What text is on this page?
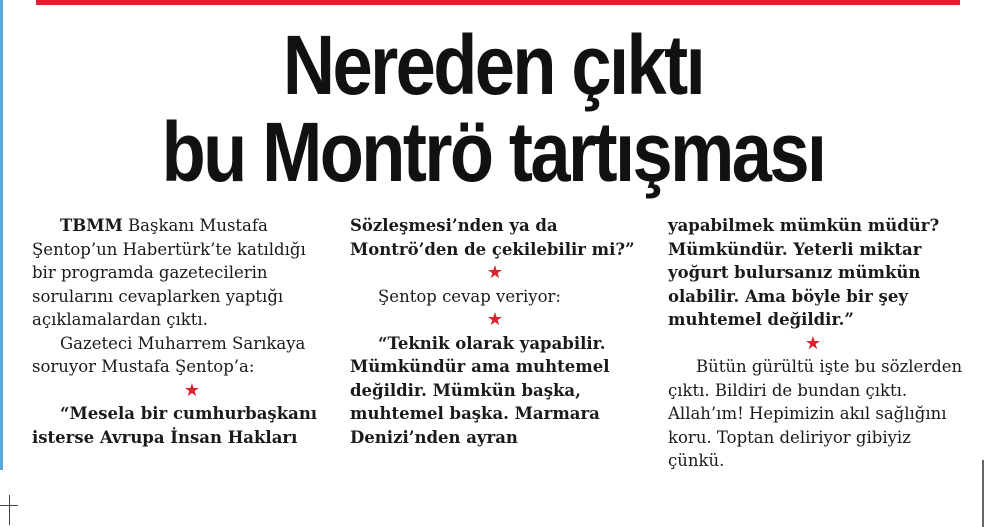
Nereden çıktı
bu Montrö tartışması

TBMM Başkanı Mustafa Şentop’un Habertürk’te katıldığı bir programda gazetecilerin sorularını cevaplarken yaptığı açıklamalardan çıktı.

Gazeteci Muharrem Sarıkaya soruyor Mustafa Şentop’a:

★

“Mesela bir cumhurbaşkanı isterse Avrupa İnsan Hakları

Sözleşmesi’nden ya da Montrö’den de çekilebilir mi?”

★

Şentop cevap veriyor:

★

“Teknik olarak yapabilir. Mümkündür ama muhtemel değildir. Mümkün başka, muhtemel başka. Marmara Denizi’nden ayran

yapabilmek mümkün müdür? Mümkündür. Yeterli miktar yoğurt bulursanız mümkün olabilir. Ama böyle bir şey muhtemel değildir.”

★

Bütün gürültü işte bu sözlerden çıktı. Bildiri de bundan çıktı. Allah’ım! Hepimizin akıl sağlığını koru. Toptan deliriyor gibiyiz çünkü.
